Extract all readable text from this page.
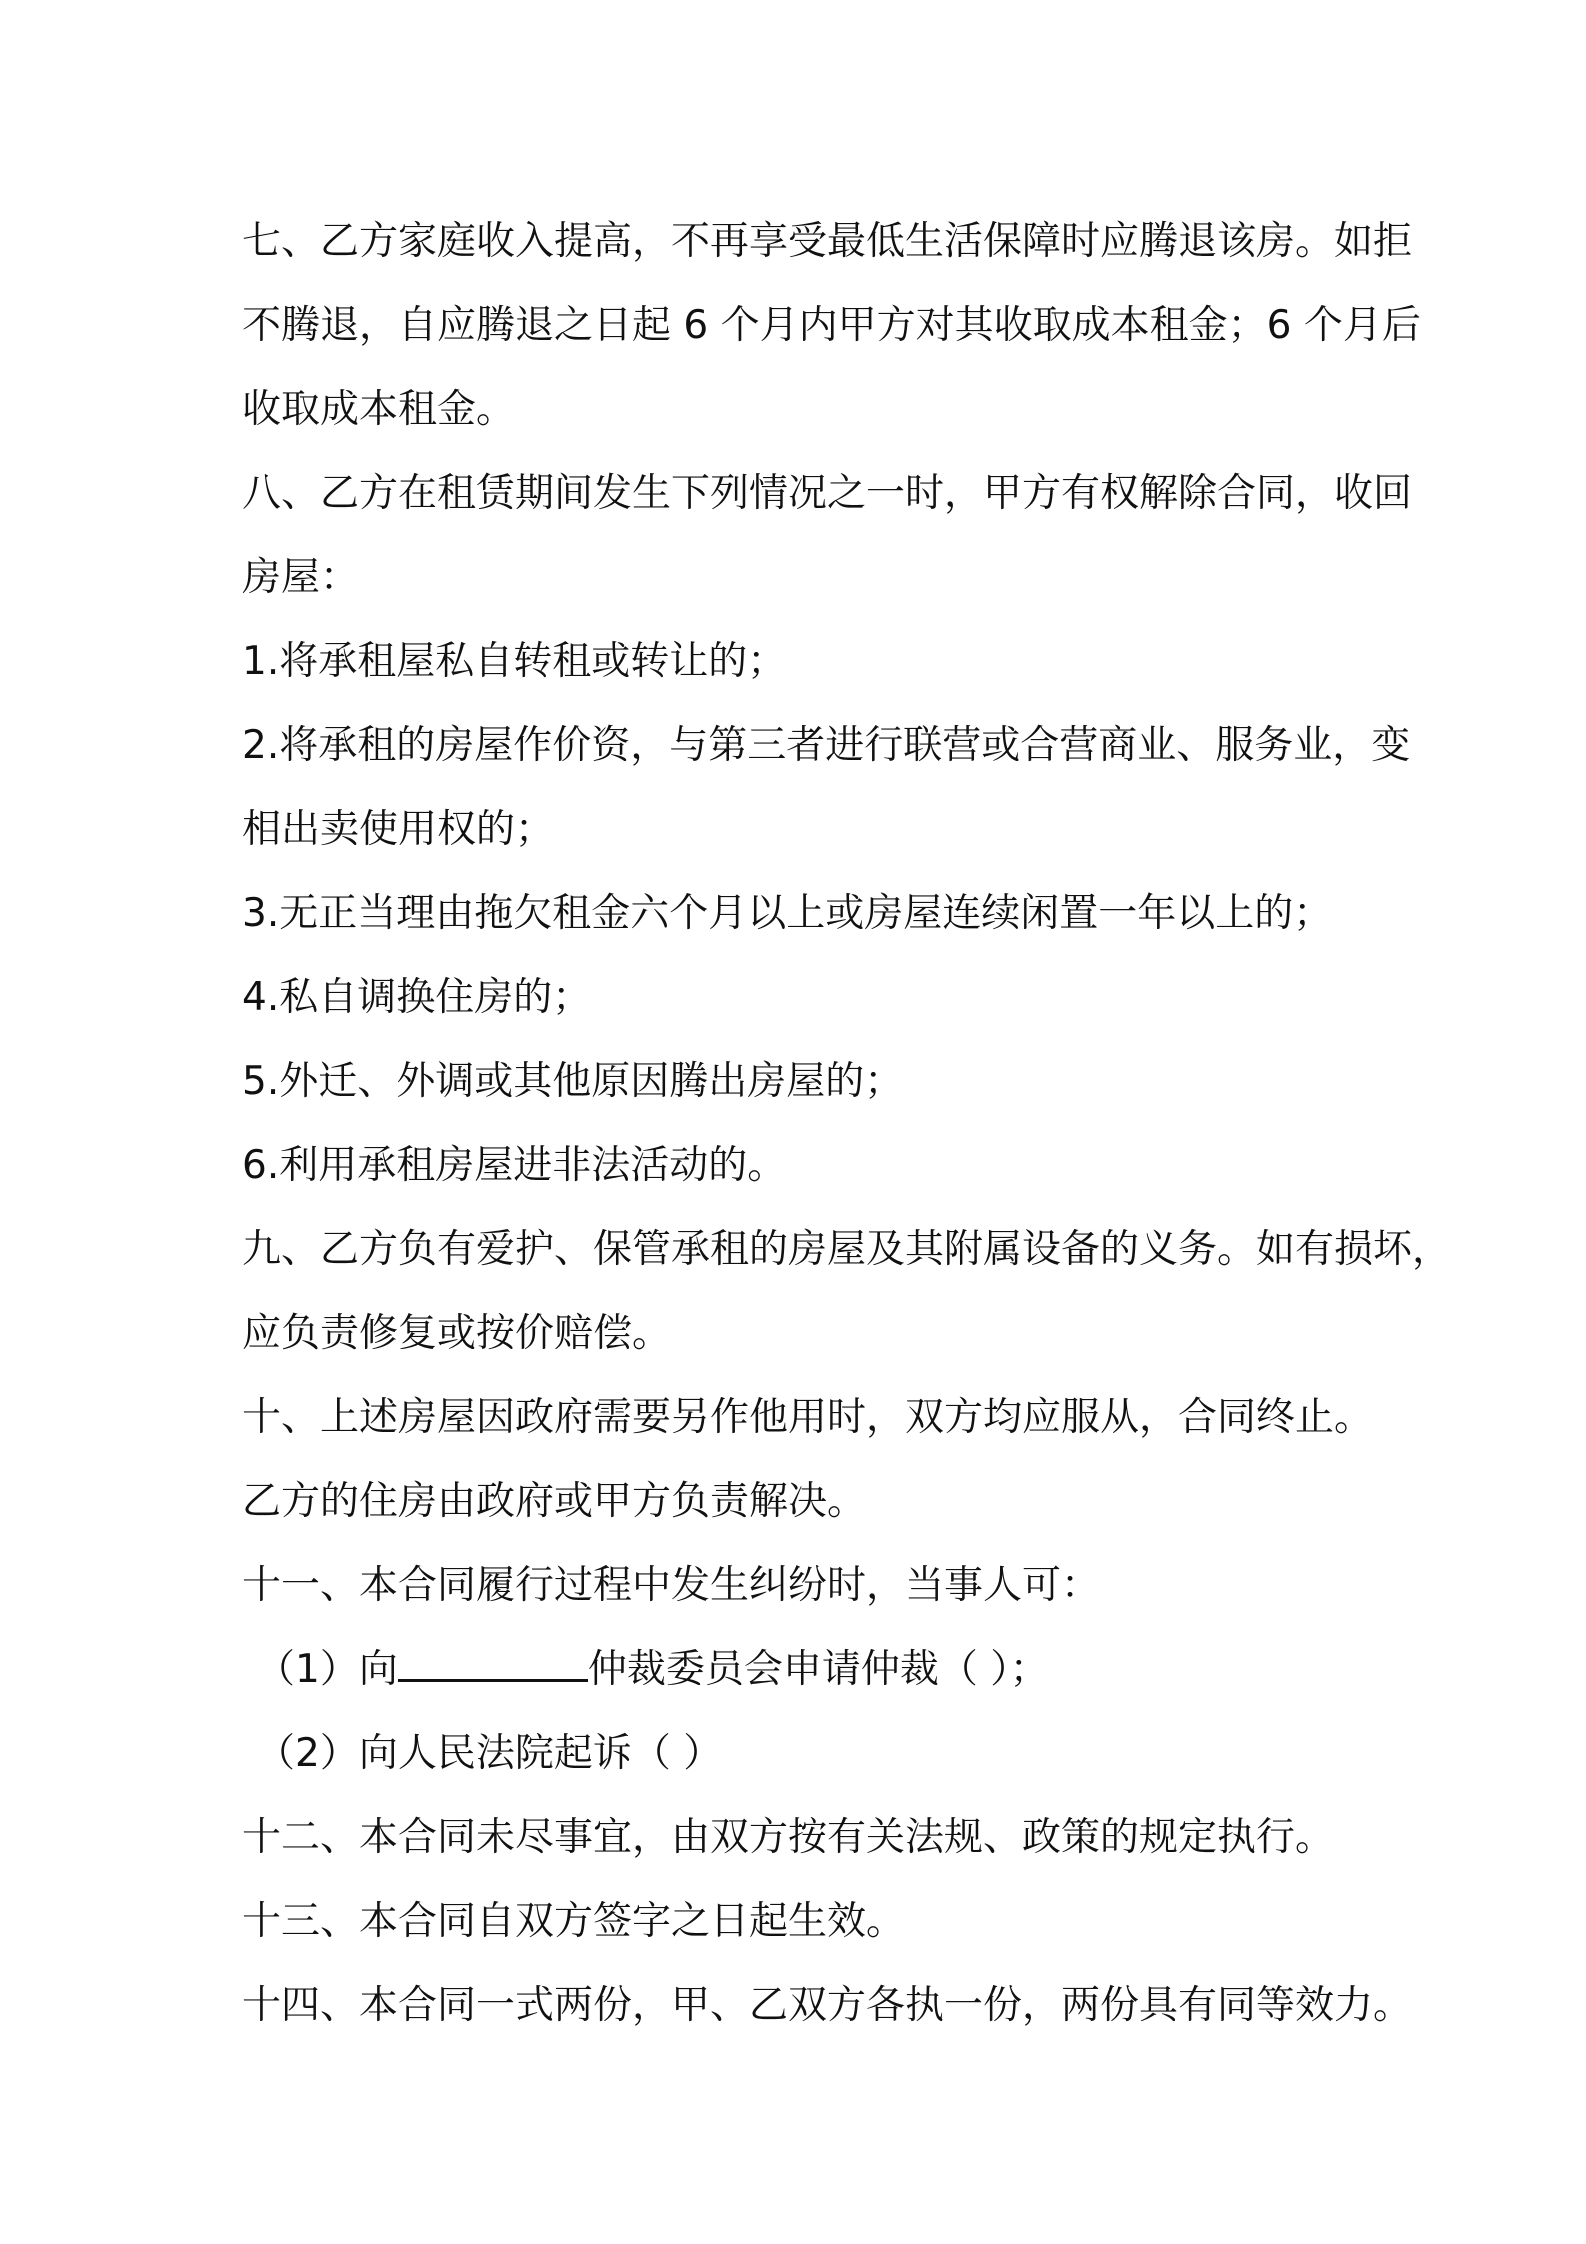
七、乙方家庭收入提高，不再享受最低生活保障时应腾退该房。如拒
不腾退，自应腾退之日起 6 个月内甲方对其收取成本租金；6 个月后
收取成本租金。
八、乙方在租赁期间发生下列情况之一时，甲方有权解除合同，收回
房屋：
1.将承租屋私自转租或转让的；
2.将承租的房屋作价资，与第三者进行联营或合营商业、服务业，变
相出卖使用权的；
3.无正当理由拖欠租金六个月以上或房屋连续闲置一年以上的；
4.私自调换住房的；
5.外迁、外调或其他原因腾出房屋的；
6.利用承租房屋进非法活动的。
九、乙方负有爱护、保管承租的房屋及其附属设备的义务。如有损坏，
应负责修复或按价赔偿。
十、上述房屋因政府需要另作他用时，双方均应服从，合同终止。
乙方的住房由政府或甲方负责解决。
十一、本合同履行过程中发生纠纷时，当事人可：
（1）向	仲裁委员会申请仲裁（ ）；
（2）向人民法院起诉（ ）
十二、本合同未尽事宜，由双方按有关法规、政策的规定执行。
十三、本合同自双方签字之日起生效。
十四、本合同一式两份，甲、乙双方各执一份，两份具有同等效力。
